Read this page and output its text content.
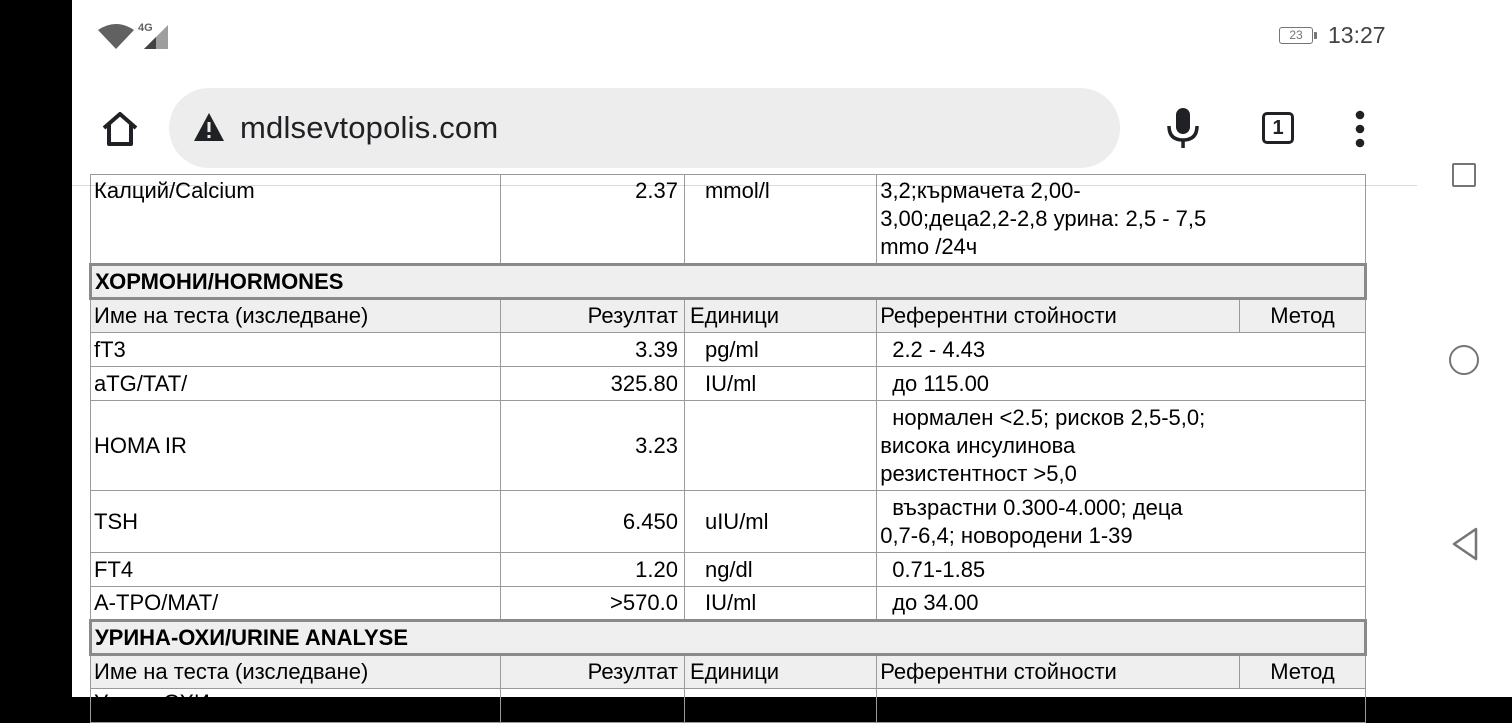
4G	23	13:27
mdlsevtopolis.com	1
Калций/Calcium	2.37	mmol/l	3,2;кърмачета 2,00-
3,00;деца2,2-2,8 урина: 2,5 - 7,5
mmo /24ч	

ХОРМОНИ/HORMONES				
Име на теста (изследване)	Резултат	Единици	Референтни стойности	Метод
fT3	3.39	pg/ml	2.2 - 4.43	
aTG/TAT/	325.80	IU/ml	до 115.00	
HOMA IR	3.23		нормален <2.5; рисков 2,5-5,0;
висока инсулинова
резистентност >5,0	

TSH	6.450	uIU/ml	възрастни 0.300-4.000; деца
0,7-6,4; новородени 1-39	

FT4	1.20	ng/dl	0.71-1.85	
A-TPO/MAT/	>570.0	IU/ml	до 34.00	
УРИНА-ОХИ/URINE ANALYSE				
Име на теста (изследване)	Резултат	Единици	Референтни стойности	Метод
Урина-ОХИ				
